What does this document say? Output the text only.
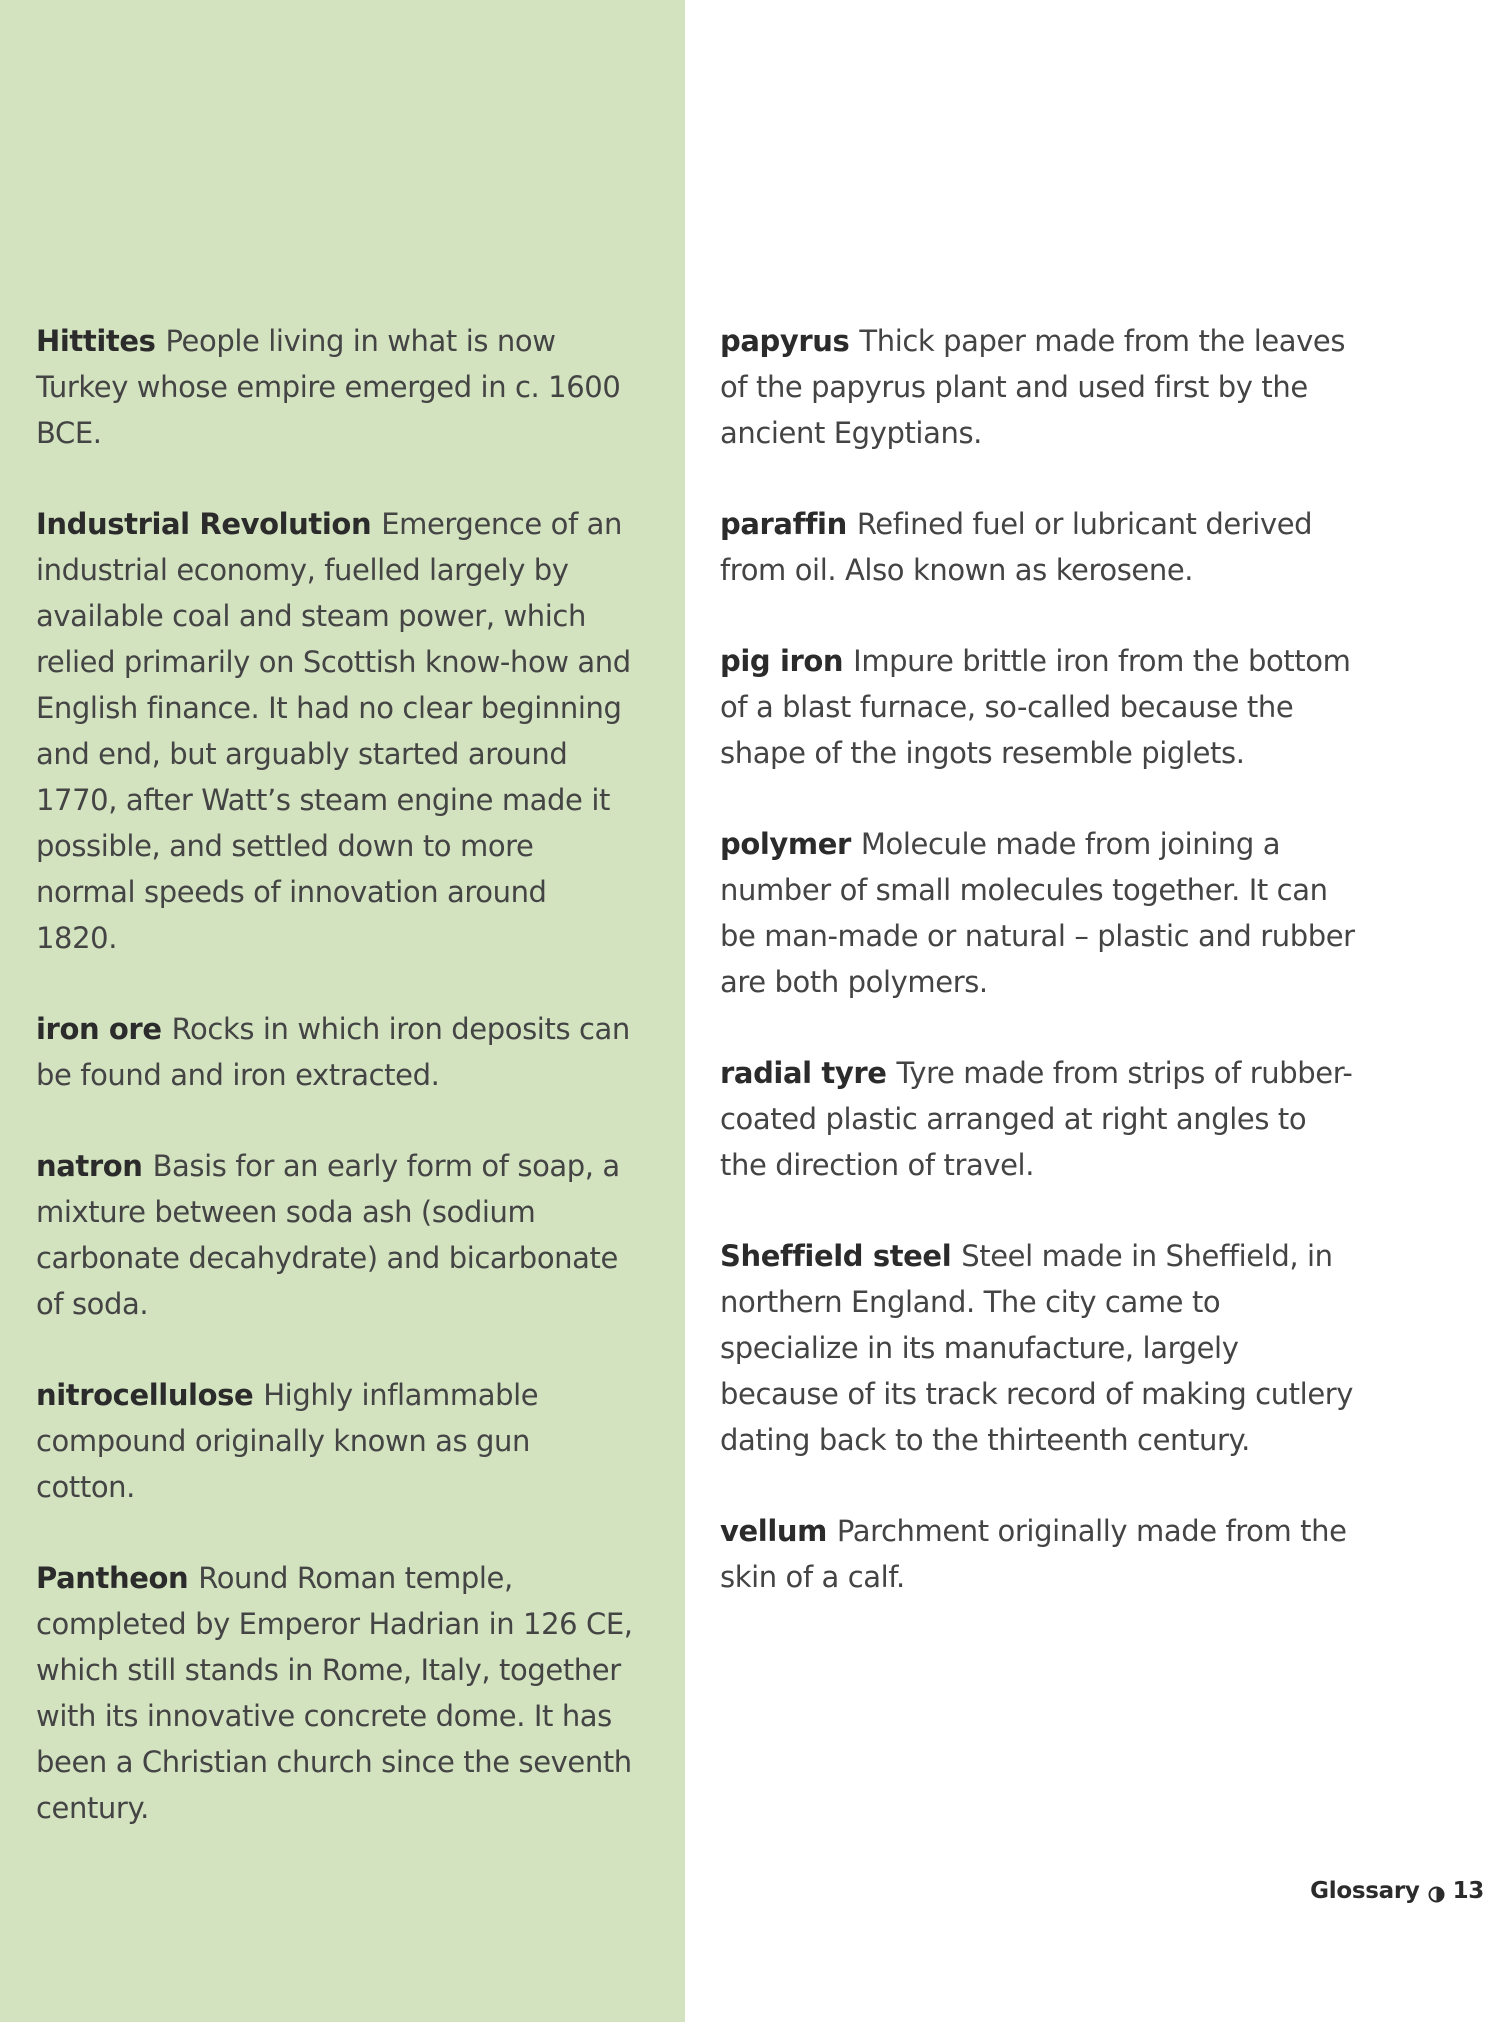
Hittites People living in what is now Turkey whose empire emerged in c. 1600 BCE.

Industrial Revolution Emergence of an industrial economy, fuelled largely by available coal and steam power, which relied primarily on Scottish know-how and English finance. It had no clear beginning and end, but arguably started around 1770, after Watt’s steam engine made it possible, and settled down to more normal speeds of innovation around 1820.

iron ore Rocks in which iron deposits can be found and iron extracted.

natron Basis for an early form of soap, a mixture between soda ash (sodium carbonate decahydrate) and bicarbonate of soda.

nitrocellulose Highly inflammable compound originally known as gun cotton.

Pantheon Round Roman temple, completed by Emperor Hadrian in 126 CE, which still stands in Rome, Italy, together with its innovative concrete dome. It has been a Christian church since the seventh century.

papyrus Thick paper made from the leaves of the papyrus plant and used first by the ancient Egyptians.

paraffin Refined fuel or lubricant derived from oil. Also known as kerosene.

pig iron Impure brittle iron from the bottom of a blast furnace, so-called because the shape of the ingots resemble piglets.

polymer Molecule made from joining a number of small molecules together. It can be man-made or natural – plastic and rubber are both polymers.

radial tyre Tyre made from strips of rubber-coated plastic arranged at right angles to the direction of travel.

Sheffield steel Steel made in Sheffield, in northern England. The city came to specialize in its manufacture, largely because of its track record of making cutlery dating back to the thirteenth century.

vellum Parchment originally made from the skin of a calf.

Glossary 13
